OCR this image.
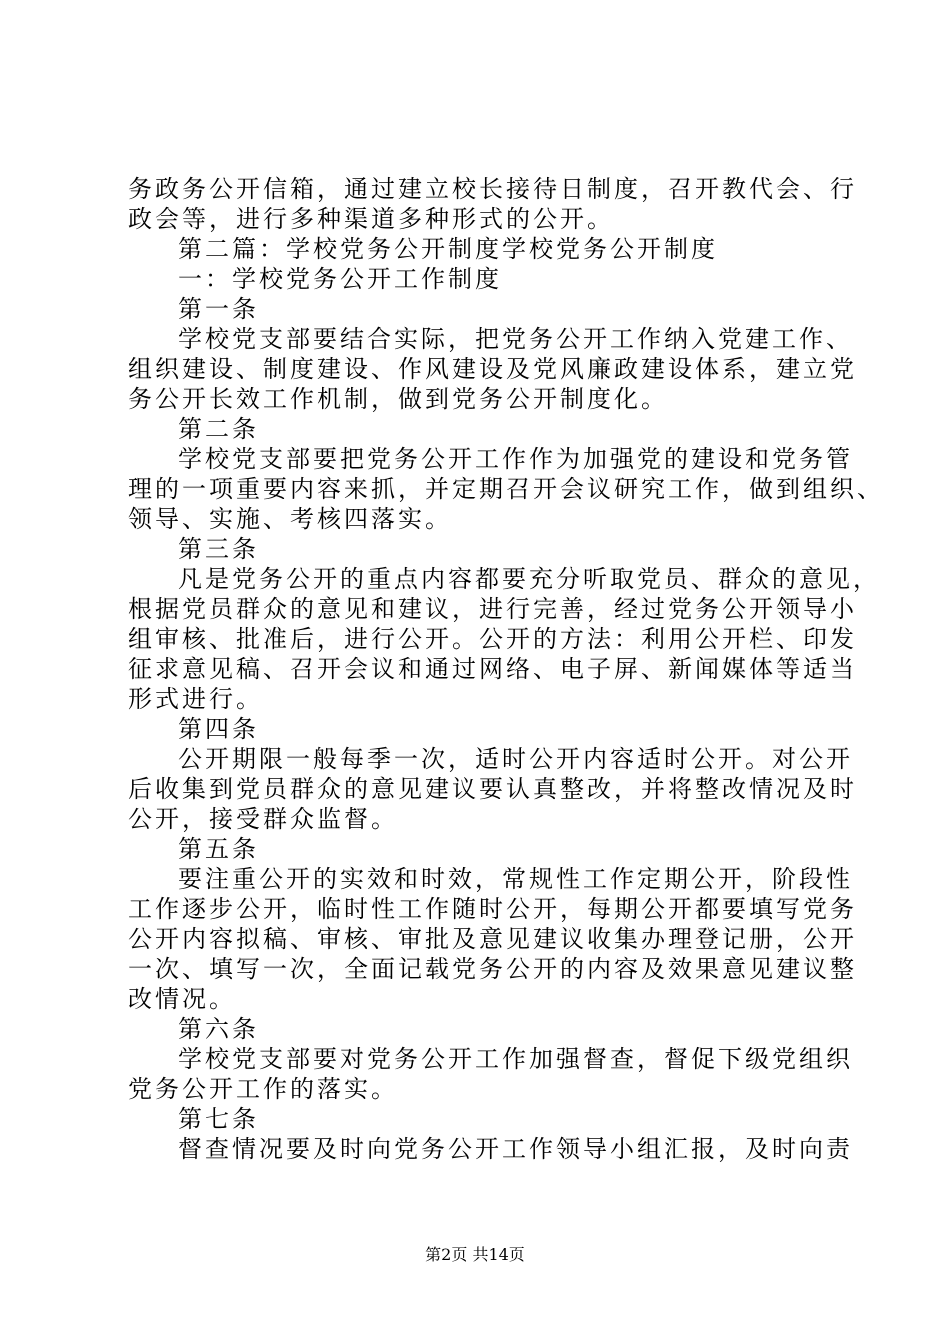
务政务公开信箱，通过建立校长接待日制度，召开教代会、行
政会等，进行多种渠道多种形式的公开。
第二篇：学校党务公开制度学校党务公开制度
一：学校党务公开工作制度
第一条
学校党支部要结合实际，把党务公开工作纳入党建工作、
组织建设、制度建设、作风建设及党风廉政建设体系，建立党
务公开长效工作机制，做到党务公开制度化。
第二条
学校党支部要把党务公开工作作为加强党的建设和党务管
理的一项重要内容来抓，并定期召开会议研究工作，做到组织、
领导、实施、考核四落实。
第三条
凡是党务公开的重点内容都要充分听取党员、群众的意见，
根据党员群众的意见和建议，进行完善，经过党务公开领导小
组审核、批准后，进行公开。公开的方法：利用公开栏、印发
征求意见稿、召开会议和通过网络、电子屏、新闻媒体等适当
形式进行。
第四条
公开期限一般每季一次，适时公开内容适时公开。对公开
后收集到党员群众的意见建议要认真整改，并将整改情况及时
公开，接受群众监督。
第五条
要注重公开的实效和时效，常规性工作定期公开，阶段性
工作逐步公开，临时性工作随时公开，每期公开都要填写党务
公开内容拟稿、审核、审批及意见建议收集办理登记册，公开
一次、填写一次，全面记载党务公开的内容及效果意见建议整
改情况。
第六条
学校党支部要对党务公开工作加强督查，督促下级党组织
党务公开工作的落实。
第七条
督查情况要及时向党务公开工作领导小组汇报，及时向责
第2页 共14页
